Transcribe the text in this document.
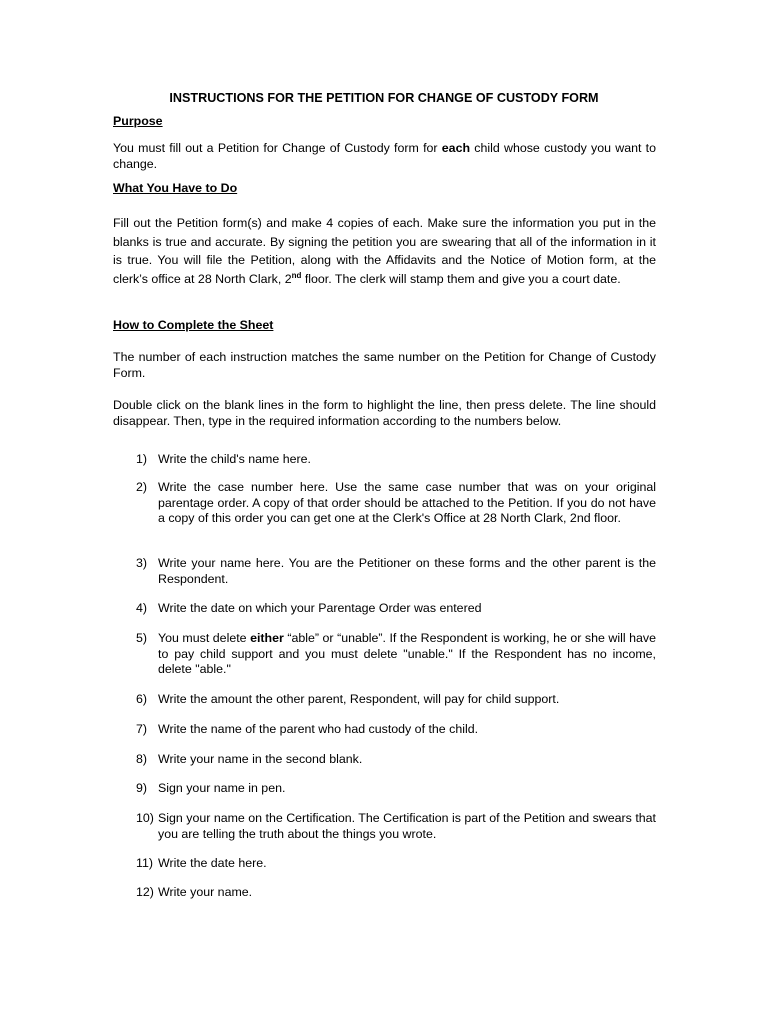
INSTRUCTIONS FOR THE PETITION FOR CHANGE OF CUSTODY FORM
Purpose

You must fill out a Petition for Change of Custody form for each child whose custody you want to change.

What You Have to Do

Fill out the Petition form(s) and make 4 copies of each. Make sure the information you put in the blanks is true and accurate. By signing the petition you are swearing that all of the information in it is true. You will file the Petition, along with the Affidavits and the Notice of Motion form, at the clerk’s office at 28 North Clark, 2nd floor. The clerk will stamp them and give you a court date.

How to Complete the Sheet

The number of each instruction matches the same number on the Petition for Change of Custody Form.

Double click on the blank lines in the form to highlight the line, then press delete. The line should disappear. Then, type in the required information according to the numbers below.

1) Write the child's name here.
2) Write the case number here. Use the same case number that was on your original parentage order. A copy of that order should be attached to the Petition. If you do not have a copy of this order you can get one at the Clerk's Office at 28 North Clark, 2nd floor.
3) Write your name here. You are the Petitioner on these forms and the other parent is the Respondent.
4) Write the date on which your Parentage Order was entered
5) You must delete either “able” or “unable”. If the Respondent is working, he or she will have to pay child support and you must delete "unable." If the Respondent has no income, delete "able."
6) Write the amount the other parent, Respondent, will pay for child support.
7) Write the name of the parent who had custody of the child.
8) Write your name in the second blank.
9) Sign your name in pen.
10) Sign your name on the Certification. The Certification is part of the Petition and swears that you are telling the truth about the things you wrote.
11) Write the date here.
12) Write your name.
